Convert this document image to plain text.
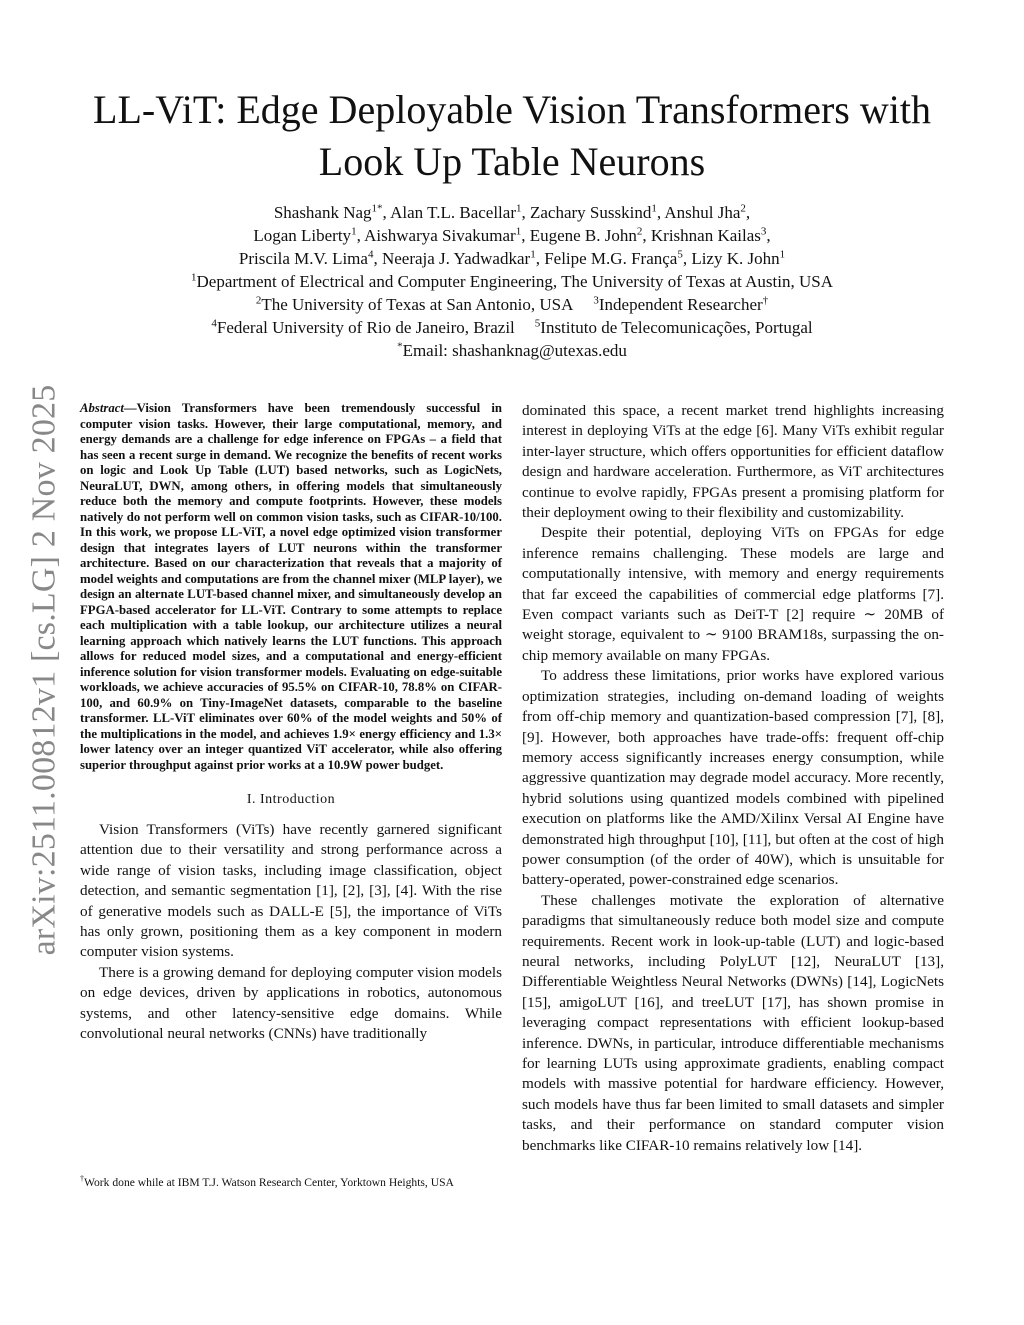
arXiv:2511.00812v1 [cs.LG] 2 Nov 2025
LL-ViT: Edge Deployable Vision Transformers with
Look Up Table Neurons
Shashank Nag$^{1*}$, Alan T.L. Bacellar$^1$, Zachary Susskind$^1$, Anshul Jha$^2$,
Logan Liberty$^1$, Aishwarya Sivakumar$^1$, Eugene B. John$^2$, Krishnan Kailas$^3$,
Priscila M.V. Lima$^4$, Neeraja J. Yadwadkar$^1$, Felipe M.G. França$^5$, Lizy K. John$^1$
$^1$Department of Electrical and Computer Engineering, The University of Texas at Austin, USA
$^2$The University of Texas at San Antonio, USA $^3$Independent Researcher†
$^4$Federal University of Rio de Janeiro, Brazil $^5$Instituto de Telecomunicações, Portugal
*Email: shashanknag@utexas.edu

Abstract—Vision Transformers have been tremendously successful in computer vision tasks. However, their large computational, memory, and energy demands are a challenge for edge inference on FPGAs – a field that has seen a recent surge in demand. We recognize the benefits of recent works on logic and Look Up Table (LUT) based networks, such as LogicNets, NeuraLUT, DWN, among others, in offering models that simultaneously reduce both the memory and compute footprints. However, these models natively do not perform well on common vision tasks, such as CIFAR-10/100. In this work, we propose LL-ViT, a novel edge optimized vision transformer design that integrates layers of LUT neurons within the transformer architecture. Based on our characterization that reveals that a majority of model weights and computations are from the channel mixer (MLP layer), we design an alternate LUT-based channel mixer, and simultaneously develop an FPGA-based accelerator for LL-ViT. Contrary to some attempts to replace each multiplication with a table lookup, our architecture utilizes a neural learning approach which natively learns the LUT functions. This approach allows for reduced model sizes, and a computational and energy-efficient inference solution for vision transformer models. Evaluating on edge-suitable workloads, we achieve accuracies of 95.5% on CIFAR-10, 78.8% on CIFAR-100, and 60.9% on Tiny-ImageNet datasets, comparable to the baseline transformer. LL-ViT eliminates over 60% of the model weights and 50% of the multiplications in the model, and achieves 1.9× energy efficiency and 1.3× lower latency over an integer quantized ViT accelerator, while also offering superior throughput against prior works at a 10.9W power budget.

I. Introduction

Vision Transformers (ViTs) have recently garnered significant attention due to their versatility and strong performance across a wide range of vision tasks, including image classification, object detection, and semantic segmentation [1], [2], [3], [4]. With the rise of generative models such as DALL-E [5], the importance of ViTs has only grown, positioning them as a key component in modern computer vision systems.

There is a growing demand for deploying computer vision models on edge devices, driven by applications in robotics, autonomous systems, and other latency-sensitive edge domains. While convolutional neural networks (CNNs) have traditionally

dominated this space, a recent market trend highlights increasing interest in deploying ViTs at the edge [6]. Many ViTs exhibit regular inter-layer structure, which offers opportunities for efficient dataflow design and hardware acceleration. Furthermore, as ViT architectures continue to evolve rapidly, FPGAs present a promising platform for their deployment owing to their flexibility and customizability.

Despite their potential, deploying ViTs on FPGAs for edge inference remains challenging. These models are large and computationally intensive, with memory and energy requirements that far exceed the capabilities of commercial edge platforms [7]. Even compact variants such as DeiT-T [2] require ∼ 20MB of weight storage, equivalent to ∼ 9100 BRAM18s, surpassing the on-chip memory available on many FPGAs.

To address these limitations, prior works have explored various optimization strategies, including on-demand loading of weights from off-chip memory and quantization-based compression [7], [8], [9]. However, both approaches have trade-offs: frequent off-chip memory access significantly increases energy consumption, while aggressive quantization may degrade model accuracy. More recently, hybrid solutions using quantized models combined with pipelined execution on platforms like the AMD/Xilinx Versal AI Engine have demonstrated high throughput [10], [11], but often at the cost of high power consumption (of the order of 40W), which is unsuitable for battery-operated, power-constrained edge scenarios.

These challenges motivate the exploration of alternative paradigms that simultaneously reduce both model size and compute requirements. Recent work in look-up-table (LUT) and logic-based neural networks, including PolyLUT [12], NeuraLUT [13], Differentiable Weightless Neural Networks (DWNs) [14], LogicNets [15], amigoLUT [16], and treeLUT [17], has shown promise in leveraging compact representations with efficient lookup-based inference. DWNs, in particular, introduce differentiable mechanisms for learning LUTs using approximate gradients, enabling compact models with massive potential for hardware efficiency. However, such models have thus far been limited to small datasets and simpler tasks, and their performance on standard computer vision benchmarks like CIFAR-10 remains relatively low [14].

†Work done while at IBM T.J. Watson Research Center, Yorktown Heights, USA
